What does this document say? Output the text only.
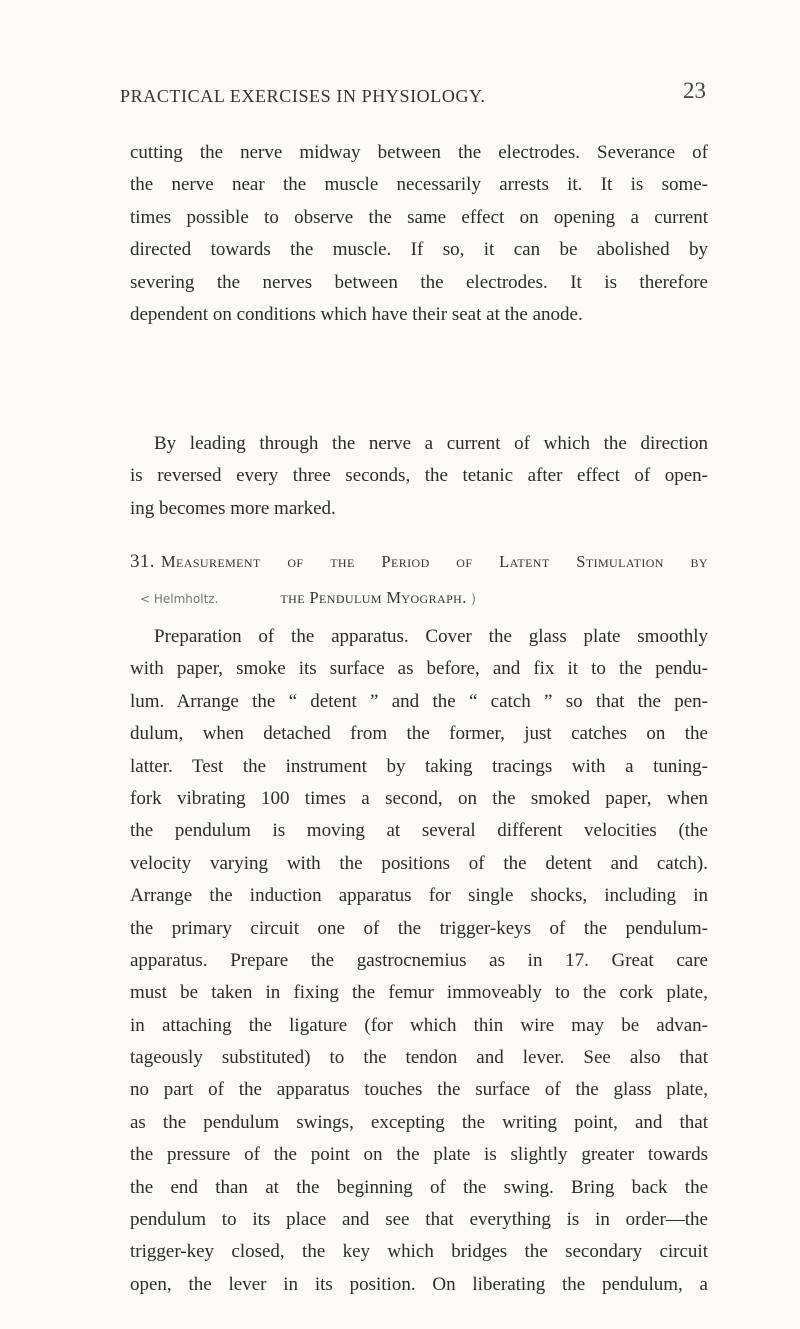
PRACTICAL EXERCISES IN PHYSIOLOGY.	23
cutting the nerve midway between the electrodes. Severance of
the nerve near the muscle necessarily arrests it. It is some-
times possible to observe the same effect on opening a current
directed towards the muscle. If so, it can be abolished by
severing the nerves between the electrodes. It is therefore
dependent on conditions which have their seat at the anode.
By leading through the nerve a current of which the direction
is reversed every three seconds, the tetanic after effect of open-
ing becomes more marked.
31. Measurement of the Period of Latent Stimulation by
< Helmholtz.	the Pendulum Myograph. )
Preparation of the apparatus. Cover the glass plate smoothly
with paper, smoke its surface as before, and fix it to the pendu-
lum. Arrange the “ detent ” and the “ catch ” so that the pen-
dulum, when detached from the former, just catches on the
latter. Test the instrument by taking tracings with a tuning-
fork vibrating 100 times a second, on the smoked paper, when
the pendulum is moving at several different velocities (the
velocity varying with the positions of the detent and catch).
Arrange the induction apparatus for single shocks, including in
the primary circuit one of the trigger-keys of the pendulum-
apparatus. Prepare the gastrocnemius as in 17. Great care
must be taken in fixing the femur immoveably to the cork plate,
in attaching the ligature (for which thin wire may be advan-
tageously substituted) to the tendon and lever. See also that
no part of the apparatus touches the surface of the glass plate,
as the pendulum swings, excepting the writing point, and that
the pressure of the point on the plate is slightly greater towards
the end than at the beginning of the swing. Bring back the
pendulum to its place and see that everything is in order—the
trigger-key closed, the key which bridges the secondary circuit
open, the lever in its position. On liberating the pendulum, a
